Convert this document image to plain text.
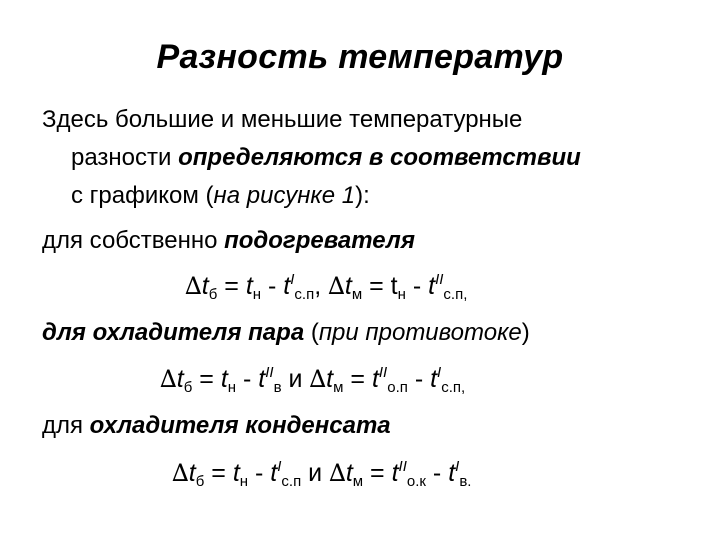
Разность температур
Здесь большие и меньшие температурные
разности определяются в соответствии
с графиком (на рисунке 1):
для собственно подогревателя
$\Delta t_б = t_н - t^I_{с.п}$, $\Delta t_м = t_н - t^{II}_{с.п,}$
для охладителя пара (при противотоке)
$\Delta t_б = t_н - t^{II}_в$ и $\Delta t_м = t^{II}_{о.п} - t^I_{с.п,}$
для охладителя конденсата
$\Delta t_б = t_н - t^I_{с.п}$ и $\Delta t_м = t^{II}_{о.к} - t^I_{в.}$
